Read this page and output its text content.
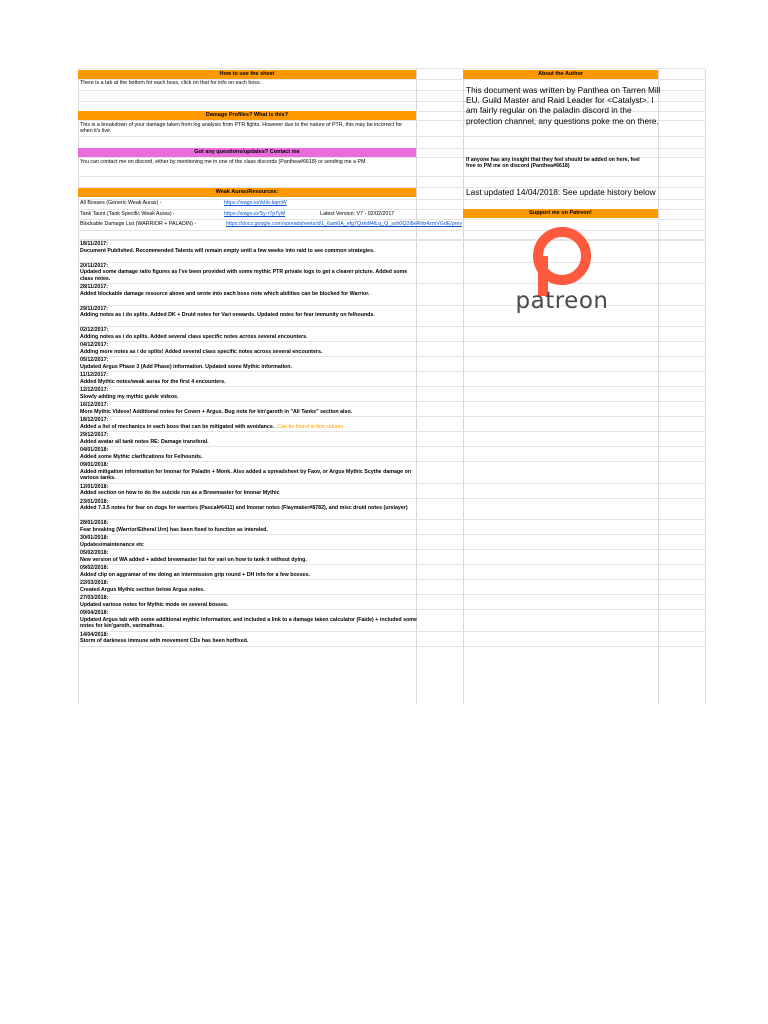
How to use the sheet
There is a tab at the bottom for each boss, click on that for info on each boss.
Damage Profiles? What is this?
This is a breakdown of your damage taken from log analysis from PTR fights. However due to the nature of PTR, this may be incorrect for when it's live.
Got any questions/updates? Contact me
You can contact me on discord, either by mentioning me in one of the class discords (Panthea#6618) or sending me a PM.
Weak Auras/Resources:
All Bosses (Generic Weak Auras) -	https://wago.io/rkhb-kqmW
Tank Taunt (Tank Specific Weak Auras) -	https://wago.io/Sy-r7pTyM	Latest Version: V7 - 02/02/2017
Blockable Damage List (WARRIOR + PALADIN) -	https://docs.google.com/spreadsheets/d/1_6am0A_efg7Qxkdf4tLq_Q_sxh0Q2l8eRhb4zmVGdE/prev
About the Author
This document was written by Panthea on Tarren Mill EU. Guild Master and Raid Leader for <Catalyst>. I am fairly regular on the paladin discord in the protection channel, any questions poke me on there.
If anyone has any insight that they feel should be added on here, feel free to PM me on discord (Panthea#6618)
Last updated 14/04/2018: See update history below
Support me on Patreon!
18/11/2017:
Document Published. Recommended Talents will remain empty until a few weeks into raid to see common strategies.
20/11/2017:
Updated some damage ratio figures as I've been provided with some mythic PTR private logs to get a clearer picture. Added some class notes.
28/11/2017:
Added blockable damage resource above and wrote into each boss note which abilities can be blocked for Warrior.
29/11/2017:
Adding notes as i do splits. Added DK + Druid notes for Vari onwards. Updated notes for fear immunity on felhounds.
02/12/2017:
Adding notes as i do splits. Added several class specific notes across several encounters.
04/12/2017:
Adding more notes as i do splits! Added several class specific notes across several encounters.
05/12/2017:
Updated Argus Phase 3 (Add Phase) information. Updated some Mythic information.
11/12/2017:
Added Mythic notes/weak auras for the first 4 encounters.
12/12/2017:
Slowly adding my mythic guide videos.
16/12/2017:
More Mythic Videos! Additional notes for Coven + Argus. Bug note for kin'garoth in "All Tanks" section also.
18/12/2017:
Added a list of mechanics in each boss that can be mitigated with avoidance. Can be found in first column
29/12/2017:
Added avatar all tank notes RE: Damage transferal.
04/01/2018:
Added some Mythic clarifications for Felhounds.
09/01/2018:
Added mitigation information for Imonar for Paladin + Monk. Also added a spreadsheet by Faov, or Argus Mythic Scythe damage on various tanks.
12/01/2018:
Added section on how to do the suicide run as a Brewmaster for Imonar Mythic
23/01/2018:
Added 7.3.5 notes for fear on dogs for warriors (Pascal#6411) and Imonar notes (Flaymaker#8782), and misc druid notes (urslayer)
28/01/2018:
Fear breaking (Warrior/Etheral Urn) has been fixed to function as intended.
30/01/2018:
Updates/maintenance etc
05/02/2018:
New version of WA added + added brewmaster list for vari on how to tank it without dying.
09/02/2018:
Added clip on aggramar of me doing an intermission grip round + DH info for a few bosses.
22/03/2018:
Created Argus Mythic section below Argus notes.
27/03/2018:
Updated various notes for Mythic mode on several bosses.
09/04/2018:
Updated Argus tab with some additional mythic information, and included a link to a damage taken calculator (Faide) + included some notes for kin'garoth, varimathras.
14/04/2018:
Storm of darkness immune with movement CDs has been hotfixed.
patreon
